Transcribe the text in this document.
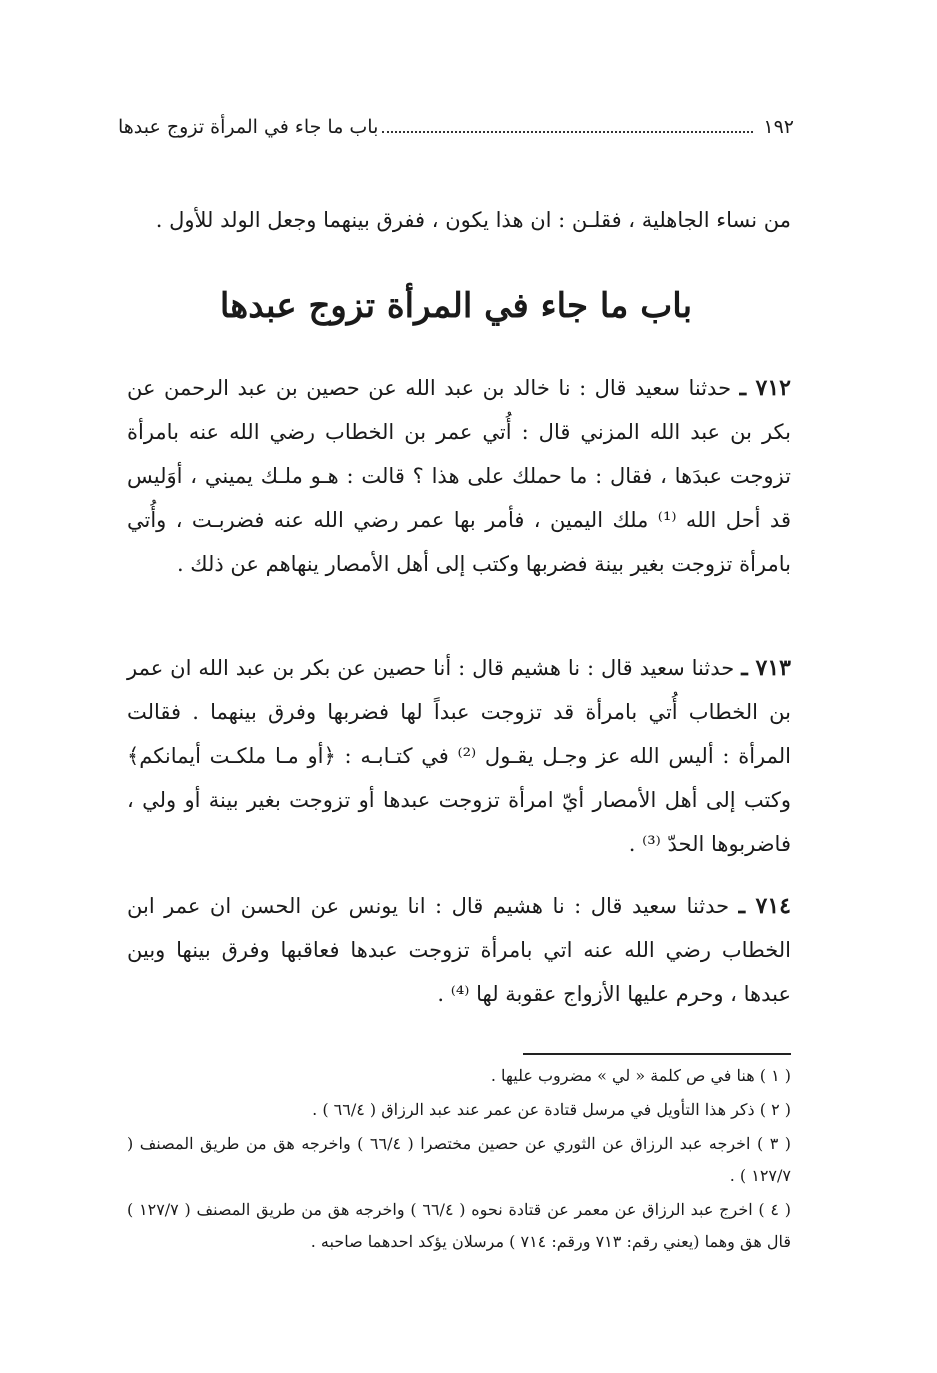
١٩٢
باب ما جاء في المرأة تزوج عبدها
من نساء الجاهلية ، فقلـن : ان هذا يكون ، ففرق بينهما وجعل الولد للأول .
باب ما جاء في المرأة تزوج عبدها
٧١٢ ـ حدثنا سعيد قال : نا خالد بن عبد الله عن حصين بن عبد الرحمن عن بكر بن عبد الله المزني قال : أُتي عمر بن الخطاب رضي الله عنه بامرأة تزوجت عبدَها ، فقال : ما حملك على هذا ؟ قالت : هـو ملـك يميني ، أوَليس قد أحل الله ⁽¹⁾ ملك اليمين ، فأمر بها عمر رضي الله عنه فضربـت ، وأُتي بامرأة تزوجت بغير بينة فضربها وكتب إلى أهل الأمصار ينهاهم عن ذلك .
٧١٣ ـ حدثنا سعيد قال : نا هشيم قال : أنا حصين عن بكر بن عبد الله ان عمر بن الخطاب أُتي بامرأة قد تزوجت عبداً لها فضربها وفرق بينهما . فقالت المرأة : أليس الله عز وجـل يقـول ⁽²⁾ في كتـابـه : ﴿أو مـا ملكـت أيمانكم﴾ وكتب إلى أهل الأمصار أيّ امرأة تزوجت عبدها أو تزوجت بغير بينة أو ولي ، فاضربوها الحدّ ⁽³⁾ .
٧١٤ ـ حدثنا سعيد قال : نا هشيم قال : انا يونس عن الحسن ان عمر ابن الخطاب رضي الله عنه اتي بامرأة تزوجت عبدها فعاقبها وفرق بينها وبين عبدها ، وحرم عليها الأزواج عقوبة لها ⁽⁴⁾ .
( ١ ) هنا في ص كلمة « لي » مضروب عليها .
( ٢ ) ذكر هذا التأويل في مرسل قتادة عن عمر عند عبد الرزاق ( ٦٦/٤ ) .
( ٣ ) اخرجه عبد الرزاق عن الثوري عن حصين مختصرا ( ٦٦/٤ ) واخرجه هق من طريق المصنف ( ١٢٧/٧ ) .
( ٤ ) اخرج عبد الرزاق عن معمر عن قتادة نحوه ( ٦٦/٤ ) واخرجه هق من طريق المصنف ( ١٢٧/٧ ) قال هق وهما (يعني رقم: ٧١٣ ورقم: ٧١٤ ) مرسلان يؤكد احدهما صاحبه .
